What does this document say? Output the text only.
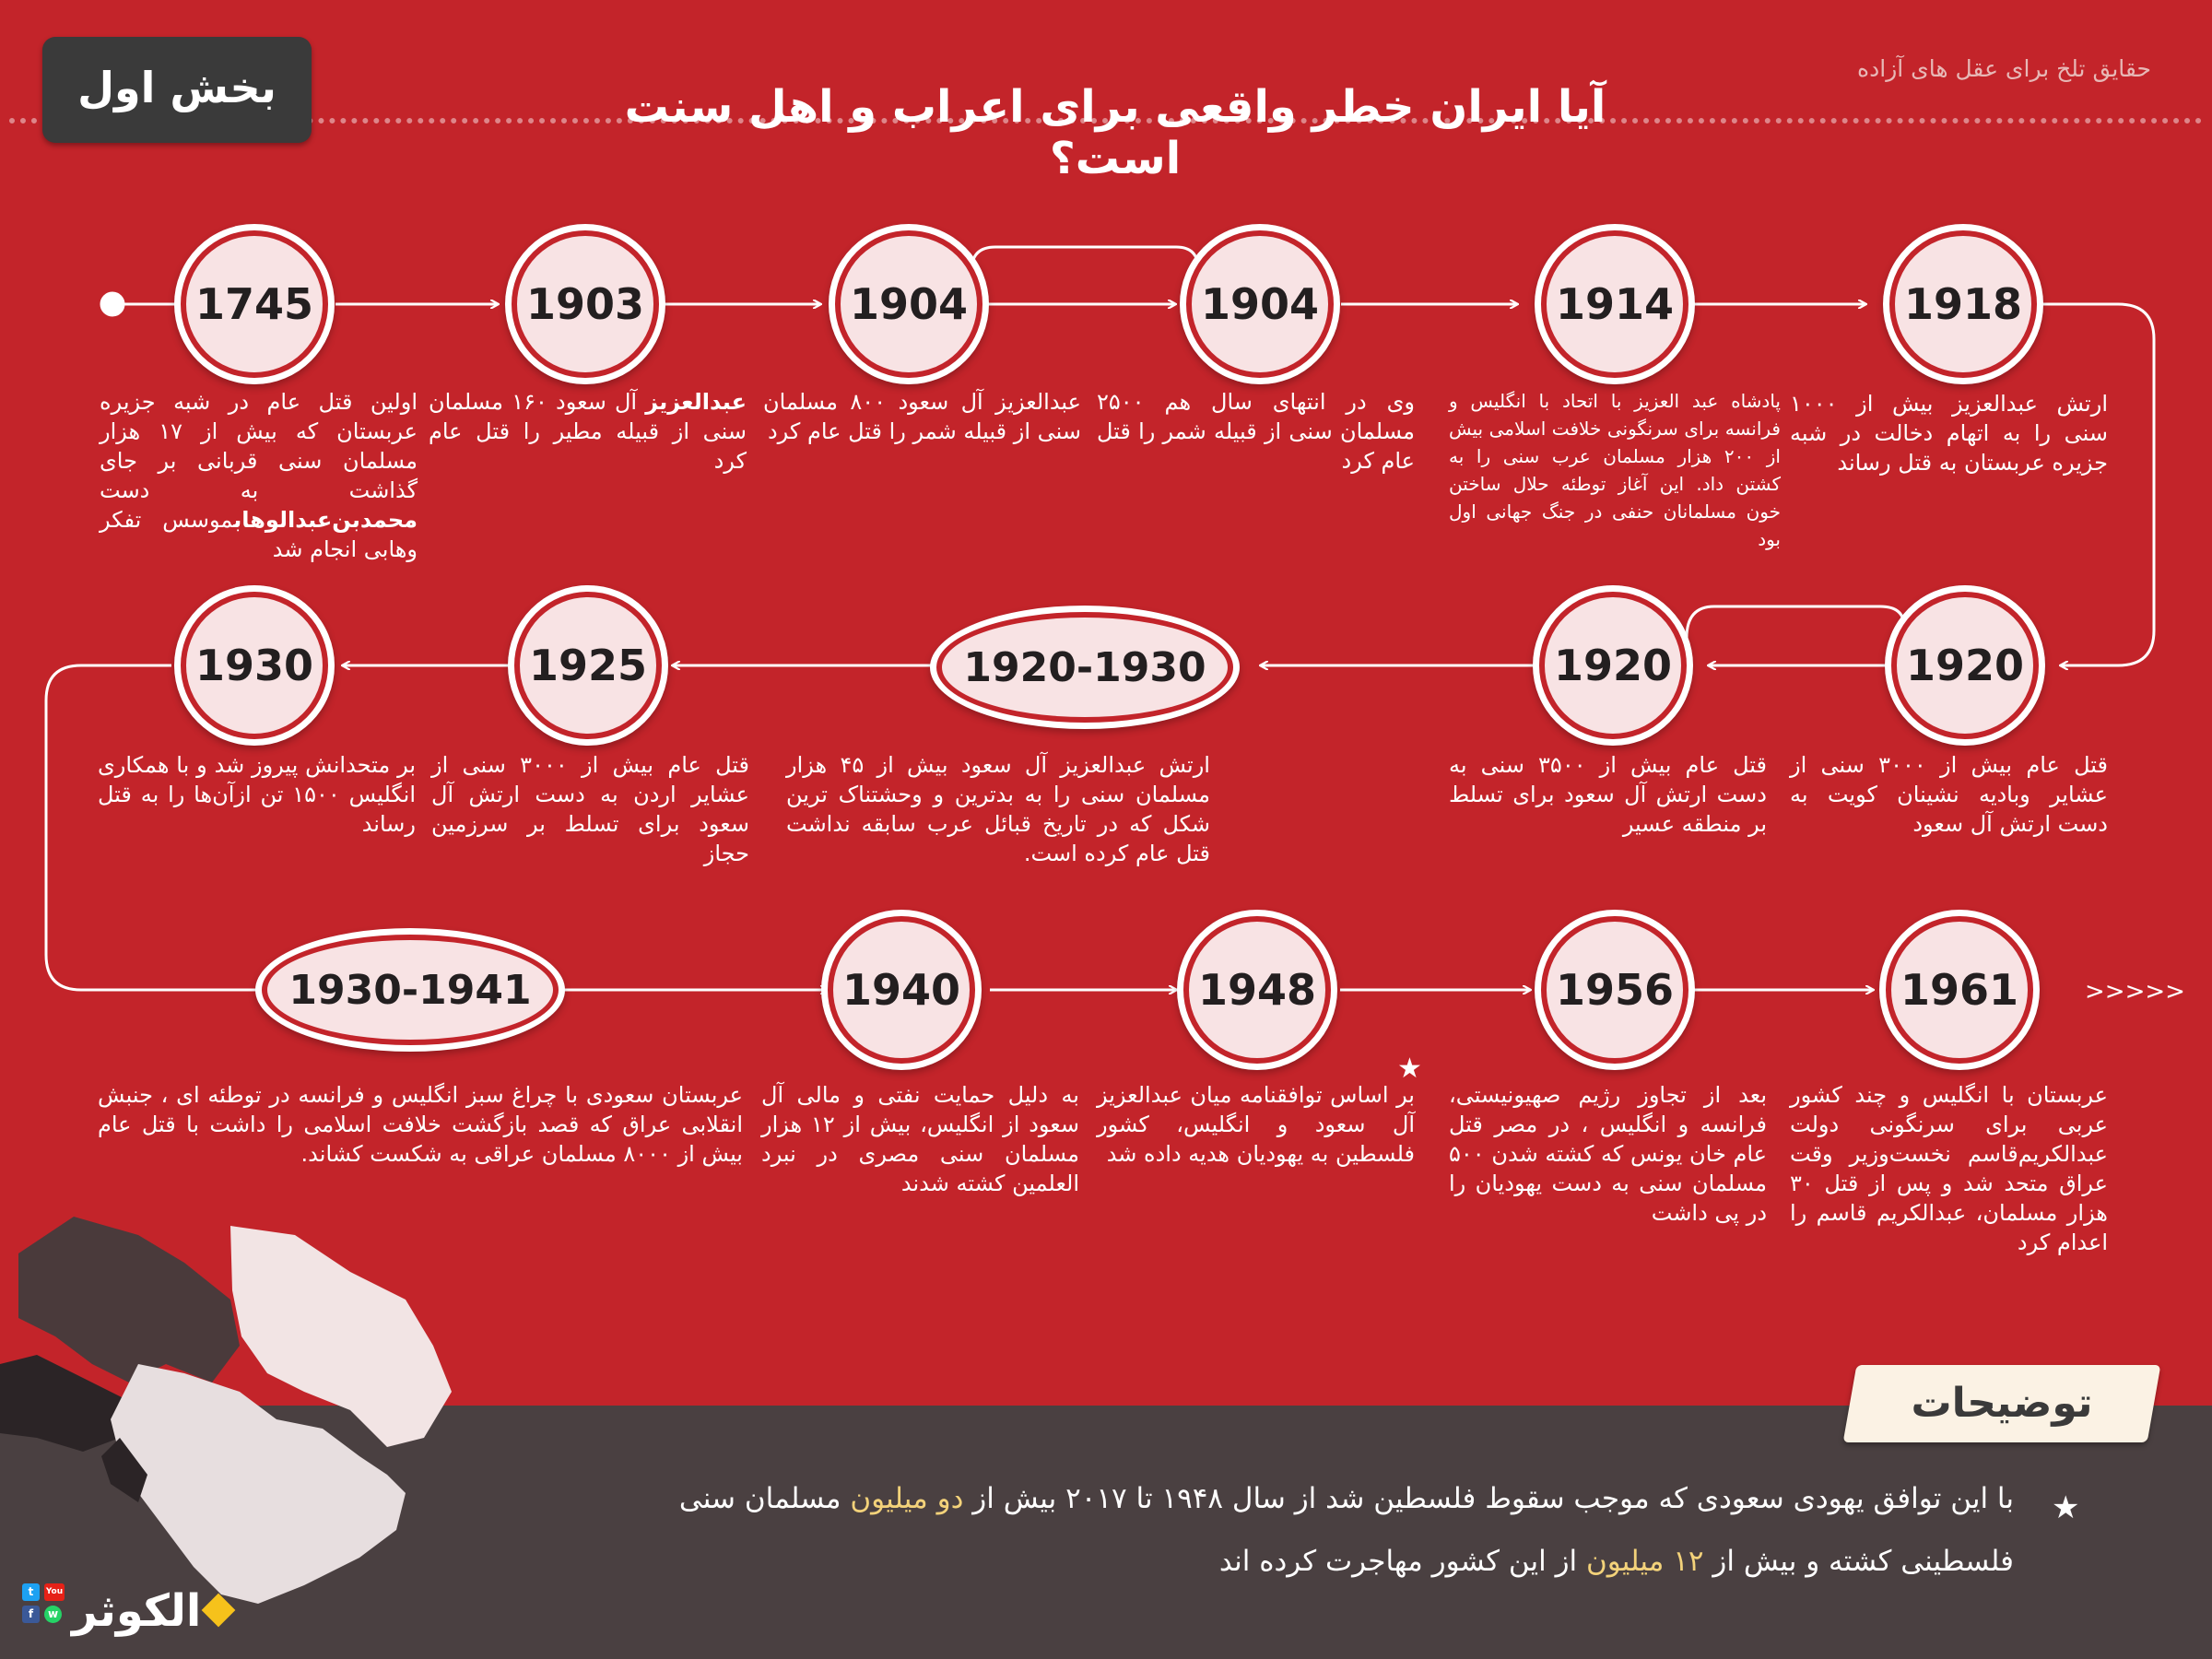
بخش اول	آیا ایران خطر واقعی برای اعراب و اهل سنت است؟
حقایق تلخ برای عقل های آزاده
>>>>>
1745	1903	1904	1904	1914	1918
اولین قتل عام در شبه جزیره عربستان که بیش از ۱۷ هزار مسلمان سنی قربانی بر جای گذاشت به دست محمدبن‌عبدالوهابموسس تفکر وهابی انجام شد
عبدالعزیز آل سعود ۱۶۰ مسلمان سنی از قبیله مطیر را قتل عام کرد
عبدالعزیز آل سعود ۸۰۰ مسلمان سنی از قبیله شمر را قتل عام کرد
وی در انتهای سال هم ۲۵۰۰ مسلمان سنی از قبیله شمر را قتل عام کرد
پادشاه عبد العزیز با اتحاد با انگلیس و فرانسه برای سرنگونی خلافت اسلامی بیش از ۲۰۰ هزار مسلمان عرب سنی را به کشتن داد. این آغاز توطئه حلال ساختن خون مسلمانان حنفی در جنگ جهانی اول بود
ارتش عبدالعزیز بیش از ۱۰۰۰ سنی را به اتهام دخالت در شبه جزیره عربستان به قتل رساند
1930	1925	1920-1930	1920	1920
بر متحدانش پیروز شد و با همکاری انگلیس ۱۵۰۰ تن ازآن‌ها را به قتل رساند
قتل عام بیش از ۳۰۰۰ سنی از عشایر اردن به دست ارتش آل سعود برای تسلط بر سرزمین حجاز
ارتش عبدالعزیز آل سعود بیش از ۴۵ هزار مسلمان سنی را به بدترین و وحشتناک ترین شکل که در تاریخ قبائل عرب سابقه نداشت قتل عام کرده است.
قتل عام بیش از ۳۵۰۰ سنی به دست ارتش آل سعود برای تسلط بر منطقه عسیر
قتل عام بیش از ۳۰۰۰ سنی از عشایر وبادیه نشینان کویت به دست ارتش آل سعود
1930-1941	1940	1948	1956	1961
عربستان سعودی با چراغ سبز انگلیس و فرانسه در توطئه ای ، جنبش انقلابی عراق که قصد بازگشت خلافت اسلامی را داشت با قتل عام بیش از ۸۰۰۰ مسلمان عراقی به شکست کشاند.
به دلیل حمایت نفتی و مالی آل سعود از انگلیس، بیش از ۱۲ هزار مسلمان سنی مصری در نبرد العلمین کشته شدند
بر اساس توافقنامه میان عبدالعزیز آل سعود و انگلیس، کشور فلسطین به یهودیان هدیه داده شد
★
بعد از تجاوز رژیم صهیونیستی، فرانسه و انگلیس ، در مصر قتل عام خان یونس که کشته شدن ۵۰۰ مسلمان سنی به دست یهودیان را در پی داشت
عربستان با انگلیس و چند کشور عربی برای سرنگونی دولت عبدالکریم‌قاسم نخست‌وزیر وقت عراق متحد شد و پس از قتل ۳۰ هزار مسلمان، عبدالکریم قاسم را اعدام کرد
توضیحات
★
با این توافق یهودی سعودی که موجب سقوط فلسطین شد از سال ۱۹۴۸ تا ۲۰۱۷ بیش از دو میلیون مسلمان سنی
فلسطینی کشته و بیش از ۱۲ میلیون از این کشور مهاجرت کرده اند
t	You
f	w الکوثر
